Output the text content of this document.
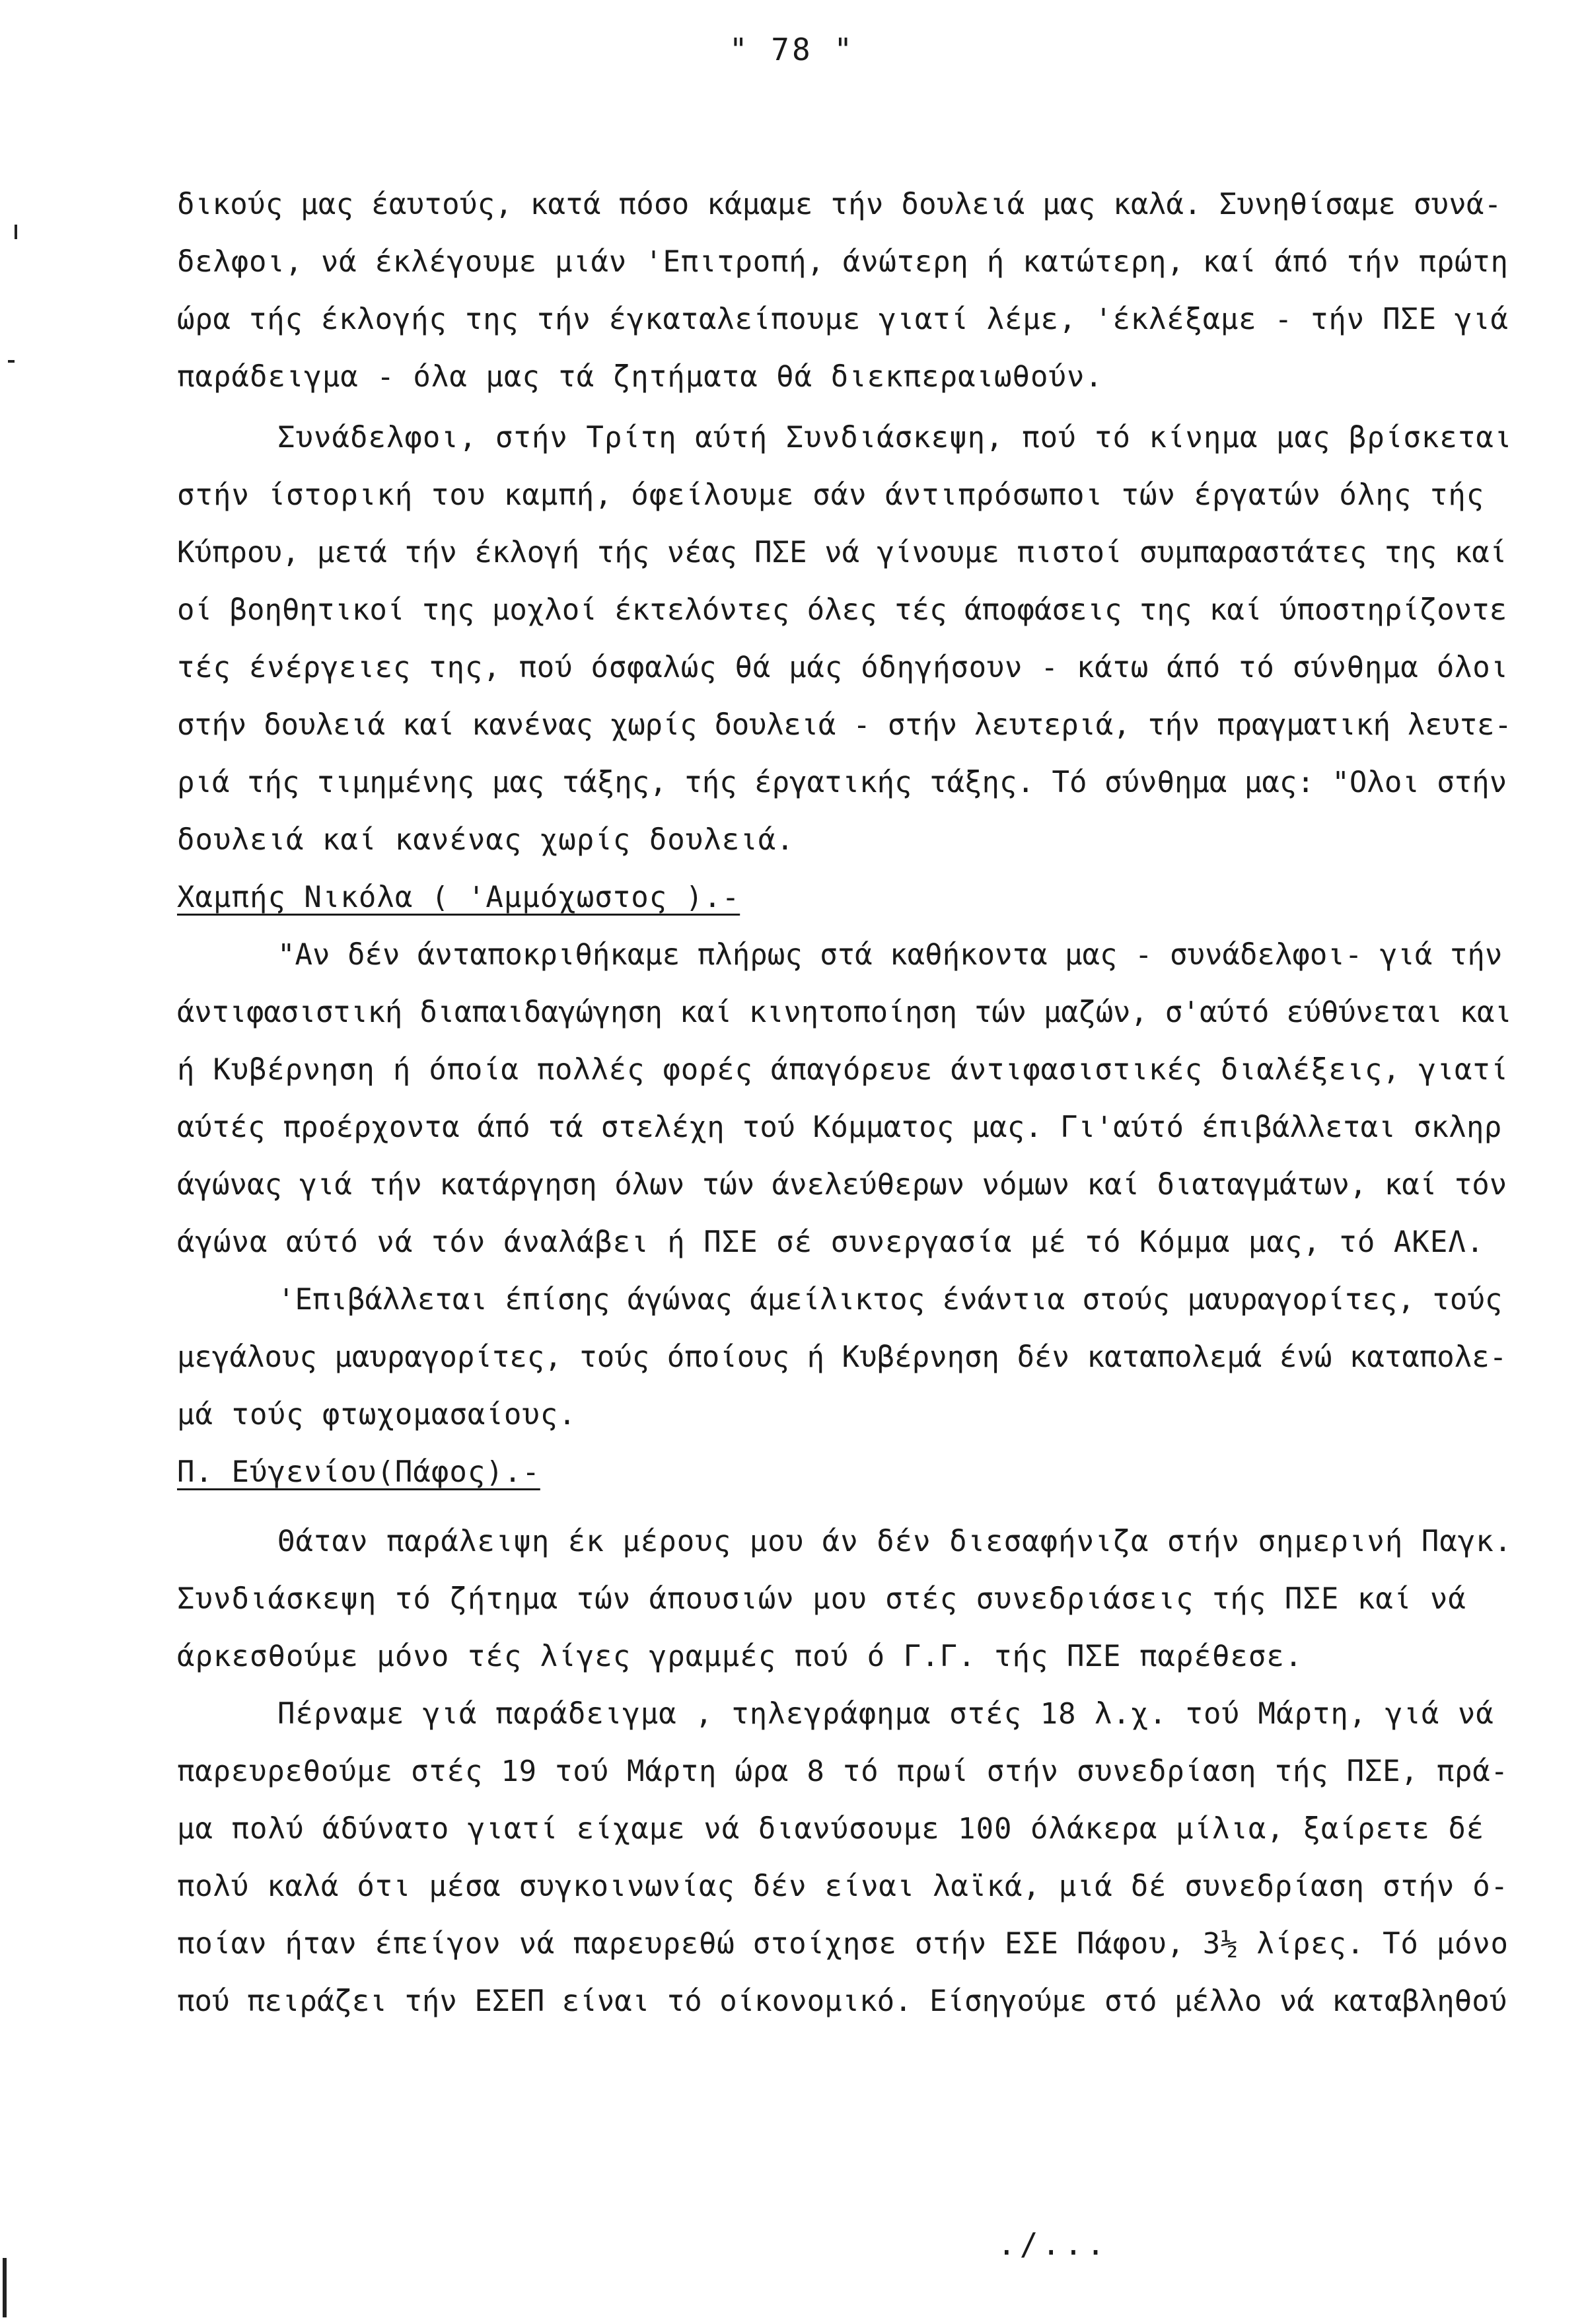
" 78 "
δικούς μας έαυτούς, κατά πόσο κάμαμε τήν δουλειά μας καλά. Συνηθίσαμε συνά-
δελφοι, νά έκλέγουμε μιάν 'Επιτροπή, άνώτερη ή κατώτερη, καί άπό τήν πρώτη
ώρα τής έκλογής της τήν έγκαταλείπουμε γιατί λέμε, 'έκλέξαμε - τήν ΠΣΕ γιά
παράδειγμα - όλα μας τά ζητήματα θά διεκπεραιωθούν.
Συνάδελφοι, στήν Τρίτη αύτή Συνδιάσκεψη, πού τό κίνημα μας βρίσκεται
στήν ίστορική του καμπή, όφείλουμε σάν άντιπρόσωποι τών έργατών όλης τής
Κύπρου, μετά τήν έκλογή τής νέας ΠΣΕ νά γίνουμε πιστοί συμπαραστάτες της καί
οί βοηθητικοί της μοχλοί έκτελόντες όλες τές άποφάσεις της καί ύποστηρίζοντε
τές ένέργειες της, πού όσφαλώς θά μάς όδηγήσουν - κάτω άπό τό σύνθημα όλοι
στήν δουλειά καί κανένας χωρίς δουλειά - στήν λευτεριά, τήν πραγματική λευτε-
ριά τής τιμημένης μας τάξης, τής έργατικής τάξης. Τό σύνθημα μας: "Ολοι στήν
δουλειά καί κανένας χωρίς δουλειά.
Χαμπής Νικόλα ( 'Αμμόχωστος ).-
"Αν δέν άνταποκριθήκαμε πλήρως στά καθήκοντα μας - συνάδελφοι- γιά τήν
άντιφασιστική διαπαιδαγώγηση καί κινητοποίηση τών μαζών, σ'αύτό εύθύνεται και
ή Κυβέρνηση ή όποία πολλές φορές άπαγόρευε άντιφασιστικές διαλέξεις, γιατί
αύτές προέρχοντα άπό τά στελέχη τού Κόμματος μας. Γι'αύτό έπιβάλλεται σκληρ
άγώνας γιά τήν κατάργηση όλων τών άνελεύθερων νόμων καί διαταγμάτων, καί τόν
άγώνα αύτό νά τόν άναλάβει ή ΠΣΕ σέ συνεργασία μέ τό Κόμμα μας, τό ΑΚΕΛ.
'Επιβάλλεται έπίσης άγώνας άμείλικτος ένάντια στούς μαυραγορίτες, τούς
μεγάλους μαυραγορίτες, τούς όποίους ή Κυβέρνηση δέν καταπολεμά ένώ καταπολε-
μά τούς φτωχομασαίους.
Π. Εύγενίου(Πάφος).-
Θάταν παράλειψη έκ μέρους μου άν δέν διεσαφήνιζα στήν σημερινή Παγκ.
Συνδιάσκεψη τό ζήτημα τών άπουσιών μου στές συνεδριάσεις τής ΠΣΕ καί νά
άρκεσθούμε μόνο τές λίγες γραμμές πού ό Γ.Γ. τής ΠΣΕ παρέθεσε.
Πέρναμε γιά παράδειγμα , τηλεγράφημα στές 18 λ.χ. τού Μάρτη, γιά νά
παρευρεθούμε στές 19 τού Μάρτη ώρα 8 τό πρωί στήν συνεδρίαση τής ΠΣΕ, πρά-
μα πολύ άδύνατο γιατί είχαμε νά διανύσουμε 100 όλάκερα μίλια, ξαίρετε δέ
πολύ καλά ότι μέσα συγκοινωνίας δέν είναι λαϊκά, μιά δέ συνεδρίαση στήν ό-
ποίαν ήταν έπείγον νά παρευρεθώ στοίχησε στήν ΕΣΕ Πάφου, 3½ λίρες. Τό μόνο
πού πειράζει τήν ΕΣΕΠ είναι τό οίκονομικό. Είσηγούμε στό μέλλο νά καταβληθού
./...
